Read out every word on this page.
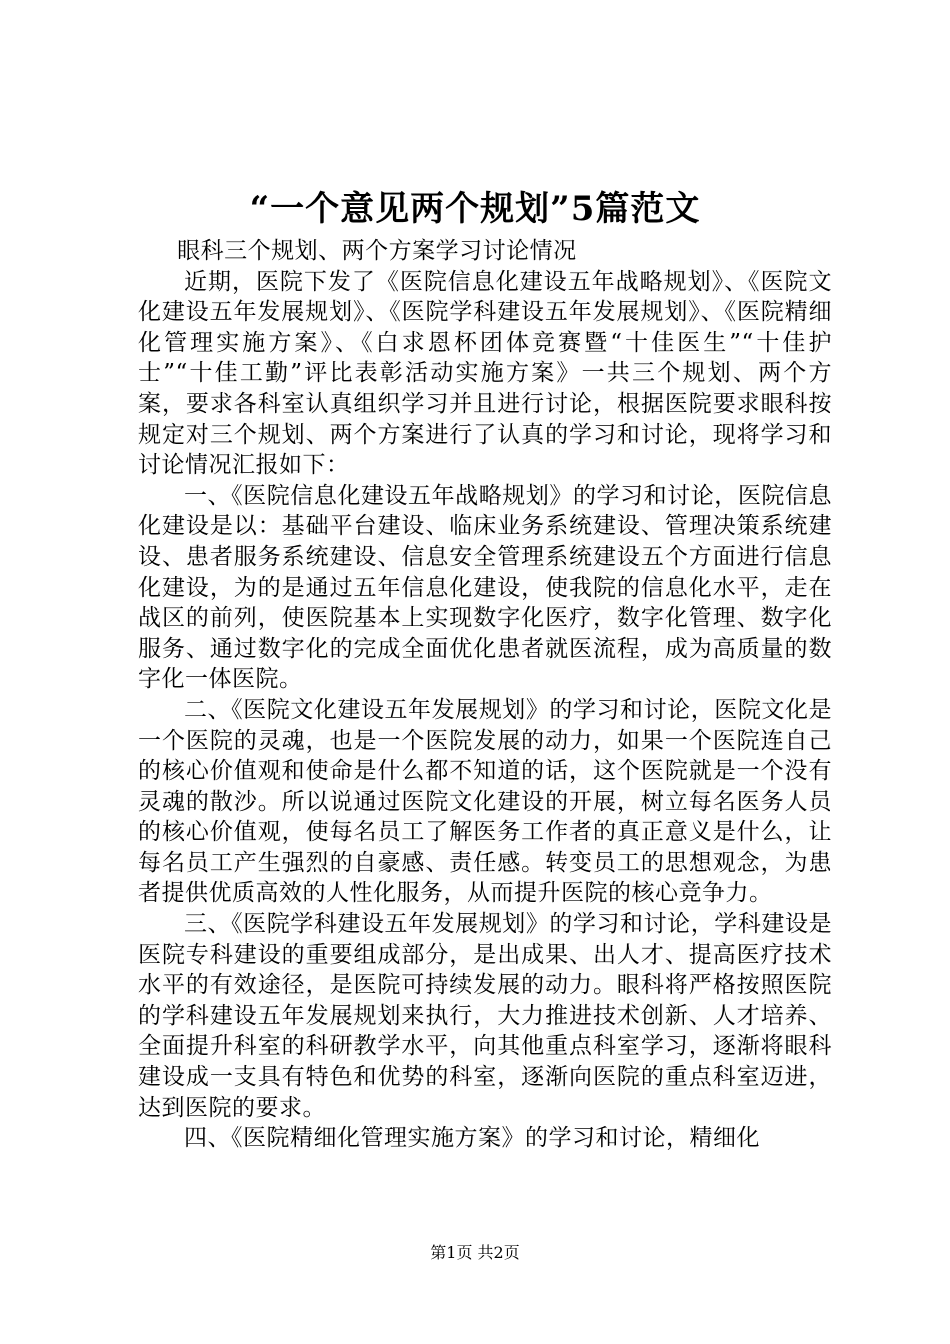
“一个意见两个规划”5篇范文

眼科三个规划、两个方案学习讨论情况

近期，医院下发了《医院信息化建设五年战略规划》、《医院文化建设五年发展规划》、《医院学科建设五年发展规划》、《医院精细化管理实施方案》、《白求恩杯团体竞赛暨“十佳医生”“十佳护士”“十佳工勤”评比表彰活动实施方案》一共三个规划、两个方案，要求各科室认真组织学习并且进行讨论，根据医院要求眼科按规定对三个规划、两个方案进行了认真的学习和讨论，现将学习和讨论情况汇报如下：

一、《医院信息化建设五年战略规划》的学习和讨论，医院信息化建设是以：基础平台建设、临床业务系统建设、管理决策系统建设、患者服务系统建设、信息安全管理系统建设五个方面进行信息化建设，为的是通过五年信息化建设，使我院的信息化水平，走在战区的前列，使医院基本上实现数字化医疗，数字化管理、数字化服务、通过数字化的完成全面优化患者就医流程，成为高质量的数字化一体医院。

二、《医院文化建设五年发展规划》的学习和讨论，医院文化是一个医院的灵魂，也是一个医院发展的动力，如果一个医院连自己的核心价值观和使命是什么都不知道的话，这个医院就是一个没有灵魂的散沙。所以说通过医院文化建设的开展，树立每名医务人员的核心价值观，使每名员工了解医务工作者的真正意义是什么，让每名员工产生强烈的自豪感、责任感。转变员工的思想观念，为患者提供优质高效的人性化服务，从而提升医院的核心竞争力。

三、《医院学科建设五年发展规划》的学习和讨论，学科建设是医院专科建设的重要组成部分，是出成果、出人才、提高医疗技术水平的有效途径，是医院可持续发展的动力。眼科将严格按照医院的学科建设五年发展规划来执行，大力推进技术创新、人才培养、全面提升科室的科研教学水平，向其他重点科室学习，逐渐将眼科建设成一支具有特色和优势的科室，逐渐向医院的重点科室迈进，达到医院的要求。

四、《医院精细化管理实施方案》的学习和讨论，精细化

第1页 共2页
